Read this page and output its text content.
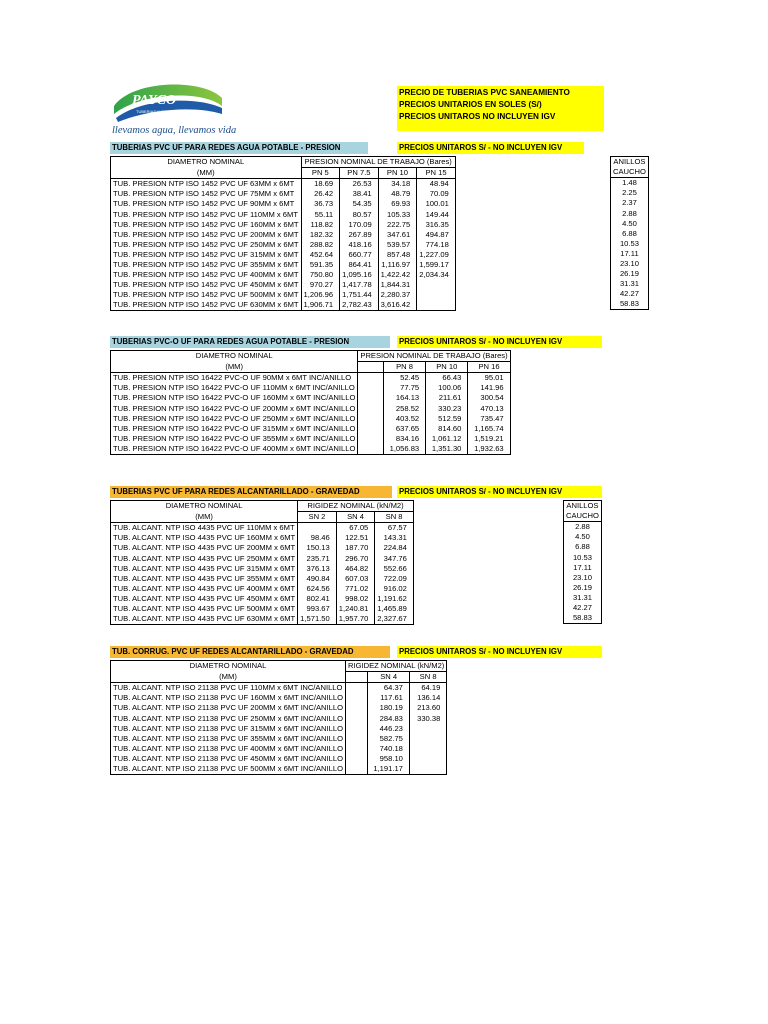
PAYCO
TUBERIAS Y CONEXIONES
llevamos agua, llevamos vida
PRECIO DE TUBERIAS PVC SANEAMIENTO
PRECIOS UNITARIOS EN SOLES (S/)
PRECIOS UNITAROS NO INCLUYEN IGV
TUBERIAS PVC UF PARA REDES AGUA POTABLE - PRESION	PRECIOS UNITAROS S/ - NO INCLUYEN IGV
DIAMETRO NOMINAL	PRESION NOMINAL DE TRABAJO (Bares)			
(MM)	PN 5	PN 7.5	PN 10	PN 15
TUB. PRESION NTP ISO 1452 PVC UF 63MM x 6MT	18.69	26.53	34.18	48.94
TUB. PRESION NTP ISO 1452 PVC UF 75MM x 6MT	26.42	38.41	48.79	70.09
TUB. PRESION NTP ISO 1452 PVC UF 90MM x 6MT	36.73	54.35	69.93	100.01
TUB. PRESION NTP ISO 1452 PVC UF 110MM x 6MT	55.11	80.57	105.33	149.44
TUB. PRESION NTP ISO 1452 PVC UF 160MM x 6MT	118.82	170.09	222.75	316.35
TUB. PRESION NTP ISO 1452 PVC UF 200MM x 6MT	182.32	267.89	347.61	494.87
TUB. PRESION NTP ISO 1452 PVC UF 250MM x 6MT	288.82	418.16	539.57	774.18
TUB. PRESION NTP ISO 1452 PVC UF 315MM x 6MT	452.64	660.77	857.48	1,227.09
TUB. PRESION NTP ISO 1452 PVC UF 355MM x 6MT	591.35	864.41	1,116.97	1,599.17
TUB. PRESION NTP ISO 1452 PVC UF 400MM x 6MT	750.80	1,095.16	1,422.42	2,034.34
TUB. PRESION NTP ISO 1452 PVC UF 450MM x 6MT	970.27	1,417.78	1,844.31	
TUB. PRESION NTP ISO 1452 PVC UF 500MM x 6MT	1,206.96	1,751.44	2,280.37	
TUB. PRESION NTP ISO 1452 PVC UF 630MM x 6MT	1,906.71	2,782.43	3,616.42	
ANILLOS
CAUCHO
1.48
2.25
2.37
2.88
4.50
6.88
10.53
17.11
23.10
26.19
31.31
42.27
58.83
TUBERIAS PVC-O UF PARA REDES AGUA POTABLE - PRESION	PRECIOS UNITAROS S/ - NO INCLUYEN IGV
DIAMETRO NOMINAL	PRESION NOMINAL DE TRABAJO (Bares)			
(MM)		PN 8	PN 10	PN 16
TUB. PRESION NTP ISO 16422 PVC-O UF 90MM x 6MT INC/ANILLO		52.45	66.43	95.01
TUB. PRESION NTP ISO 16422 PVC-O UF 110MM x 6MT INC/ANILLO		77.75	100.06	141.96
TUB. PRESION NTP ISO 16422 PVC-O UF 160MM x 6MT INC/ANILLO		164.13	211.61	300.54
TUB. PRESION NTP ISO 16422 PVC-O UF 200MM x 6MT INC/ANILLO		258.52	330.23	470.13
TUB. PRESION NTP ISO 16422 PVC-O UF 250MM x 6MT INC/ANILLO		403.52	512.59	735.47
TUB. PRESION NTP ISO 16422 PVC-O UF 315MM x 6MT INC/ANILLO		637.65	814.60	1,165.74
TUB. PRESION NTP ISO 16422 PVC-O UF 355MM x 6MT INC/ANILLO		834.16	1,061.12	1,519.21
TUB. PRESION NTP ISO 16422 PVC-O UF 400MM x 6MT INC/ANILLO		1,056.83	1,351.30	1,932.63
TUBERIAS PVC UF PARA REDES ALCANTARILLADO - GRAVEDAD	PRECIOS UNITAROS S/ - NO INCLUYEN IGV
DIAMETRO NOMINAL	RIGIDEZ NOMINAL (kN/M2)		
(MM)	SN 2	SN 4	SN 8
TUB. ALCANT. NTP ISO 4435 PVC UF 110MM x 6MT		67.05	67.57
TUB. ALCANT. NTP ISO 4435 PVC UF 160MM x 6MT	98.46	122.51	143.31
TUB. ALCANT. NTP ISO 4435 PVC UF 200MM x 6MT	150.13	187.70	224.84
TUB. ALCANT. NTP ISO 4435 PVC UF 250MM x 6MT	235.71	296.70	347.76
TUB. ALCANT. NTP ISO 4435 PVC UF 315MM x 6MT	376.13	464.82	552.66
TUB. ALCANT. NTP ISO 4435 PVC UF 355MM x 6MT	490.84	607.03	722.09
TUB. ALCANT. NTP ISO 4435 PVC UF 400MM x 6MT	624.56	771.02	916.02
TUB. ALCANT. NTP ISO 4435 PVC UF 450MM x 6MT	802.41	998.02	1,191.62
TUB. ALCANT. NTP ISO 4435 PVC UF 500MM x 6MT	993.67	1,240.81	1,465.89
TUB. ALCANT. NTP ISO 4435 PVC UF 630MM x 6MT	1,571.50	1,957.70	2,327.67
ANILLOS
CAUCHO
2.88
4.50
6.88
10.53
17.11
23.10
26.19
31.31
42.27
58.83
TUB. CORRUG. PVC UF REDES ALCANTARILLADO - GRAVEDAD	PRECIOS UNITAROS S/ - NO INCLUYEN IGV
DIAMETRO NOMINAL	RIGIDEZ NOMINAL (kN/M2)		
(MM)		SN 4	SN 8
TUB. ALCANT. NTP ISO 21138 PVC UF 110MM x 6MT INC/ANILLO		64.37	64.19
TUB. ALCANT. NTP ISO 21138 PVC UF 160MM x 6MT INC/ANILLO		117.61	136.14
TUB. ALCANT. NTP ISO 21138 PVC UF 200MM x 6MT INC/ANILLO		180.19	213.60
TUB. ALCANT. NTP ISO 21138 PVC UF 250MM x 6MT INC/ANILLO		284.83	330.38
TUB. ALCANT. NTP ISO 21138 PVC UF 315MM x 6MT INC/ANILLO		446.23	
TUB. ALCANT. NTP ISO 21138 PVC UF 355MM x 6MT INC/ANILLO		582.75	
TUB. ALCANT. NTP ISO 21138 PVC UF 400MM x 6MT INC/ANILLO		740.18	
TUB. ALCANT. NTP ISO 21138 PVC UF 450MM x 6MT INC/ANILLO		958.10	
TUB. ALCANT. NTP ISO 21138 PVC UF 500MM x 6MT INC/ANILLO		1,191.17	
